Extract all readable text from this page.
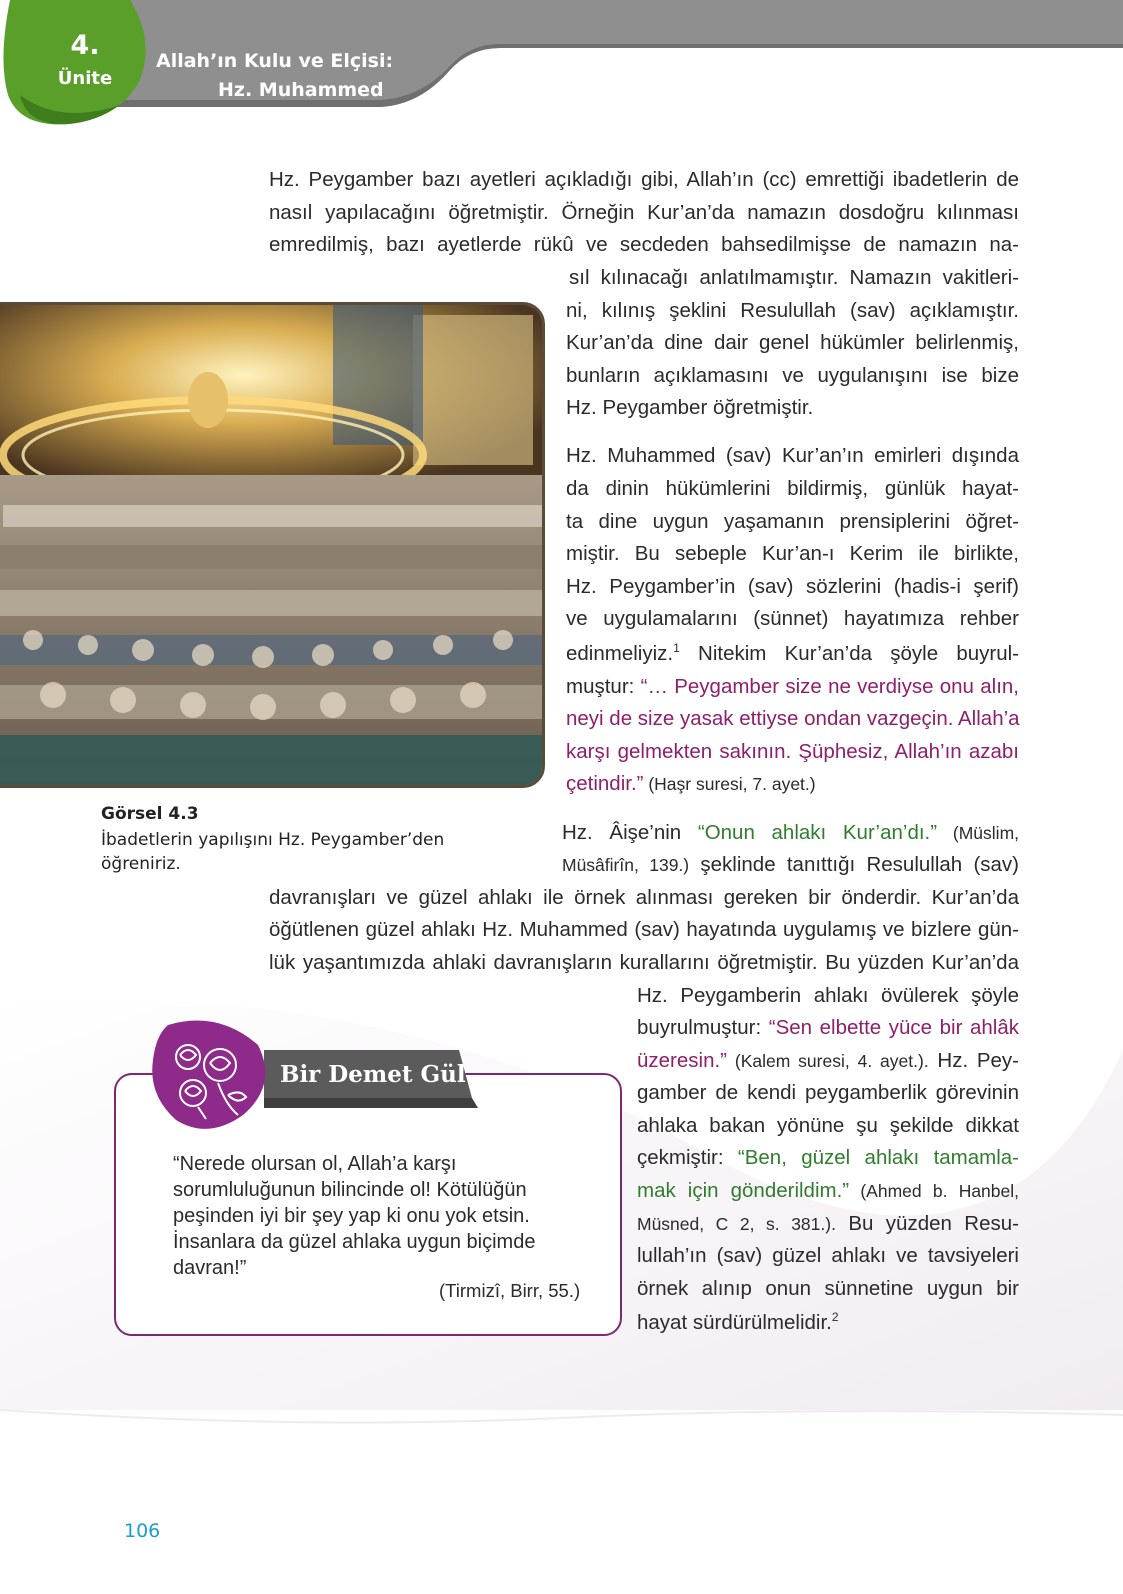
4.
Ünite
Allah’ın Kulu ve Elçisi:
Hz. Muhammed
Hz. Peygamber bazı ayetleri açıkladığı gibi, Allah’ın (cc) emrettiği ibadetlerin de
nasıl yapılacağını öğretmiştir. Örneğin Kur’an’da namazın dosdoğru kılınması
emredilmiş, bazı ayetlerde rükû ve secdeden bahsedilmişse de namazın na-
sıl kılınacağı anlatılmamıştır. Namazın vakitleri-
ni, kılınış şeklini Resulullah (sav) açıklamıştır.
Kur’an’da dine dair genel hükümler belirlenmiş,
bunların açıklamasını ve uygulanışını ise bize
Hz. Peygamber öğretmiştir.
Görsel 4.3
İbadetlerin yapılışını Hz. Peygamber’den öğreniriz.
Hz. Muhammed (sav) Kur’an’ın emirleri dışında
da dinin hükümlerini bildirmiş, günlük hayat-
ta dine uygun yaşamanın prensiplerini öğret-
miştir. Bu sebeple Kur’an-ı Kerim ile birlikte,
Hz. Peygamber’in (sav) sözlerini (hadis-i şerif)
ve uygulamalarını (sünnet) hayatımıza rehber
edinmeliyiz.$^1$ Nitekim Kur’an’da şöyle buyrul-
muştur: “… Peygamber size ne verdiyse onu alın,
neyi de size yasak ettiyse ondan vazgeçin. Allah’a
karşı gelmekten sakının. Şüphesiz, Allah’ın azabı
çetindir.” (Haşr suresi, 7. ayet.)
Hz. Âişe’nin “Onun ahlakı Kur’an’dı.” (Müslim,
Müsâfirîn, 139.) şeklinde tanıttığı Resulullah (sav)
davranışları ve güzel ahlakı ile örnek alınması gereken bir önderdir. Kur’an’da
öğütlenen güzel ahlakı Hz. Muhammed (sav) hayatında uygulamış ve bizlere gün-
lük yaşantımızda ahlaki davranışların kurallarını öğretmiştir. Bu yüzden Kur’an’da
Hz. Peygamberin ahlakı övülerek şöyle
buyrulmuştur: “Sen elbette yüce bir ahlâk
üzeresin.” (Kalem suresi, 4. ayet.). Hz. Pey-
gamber de kendi peygamberlik görevinin
ahlaka bakan yönüne şu şekilde dikkat
çekmiştir: “Ben, güzel ahlakı tamamla-
mak için gönderildim.” (Ahmed b. Hanbel,
Müsned, C 2, s. 381.). Bu yüzden Resu-
lullah’ın (sav) güzel ahlakı ve tavsiyeleri
örnek alınıp onun sünnetine uygun bir
hayat sürdürülmelidir.$^2$
Bir Demet Gül
“Nerede olursan ol, Allah’a karşı
sorumluluğunun bilincinde ol! Kötülüğün
peşinden iyi bir şey yap ki onu yok etsin.
İnsanlara da güzel ahlaka uygun biçimde
davran!”
(Tirmizî, Birr, 55.)
106
